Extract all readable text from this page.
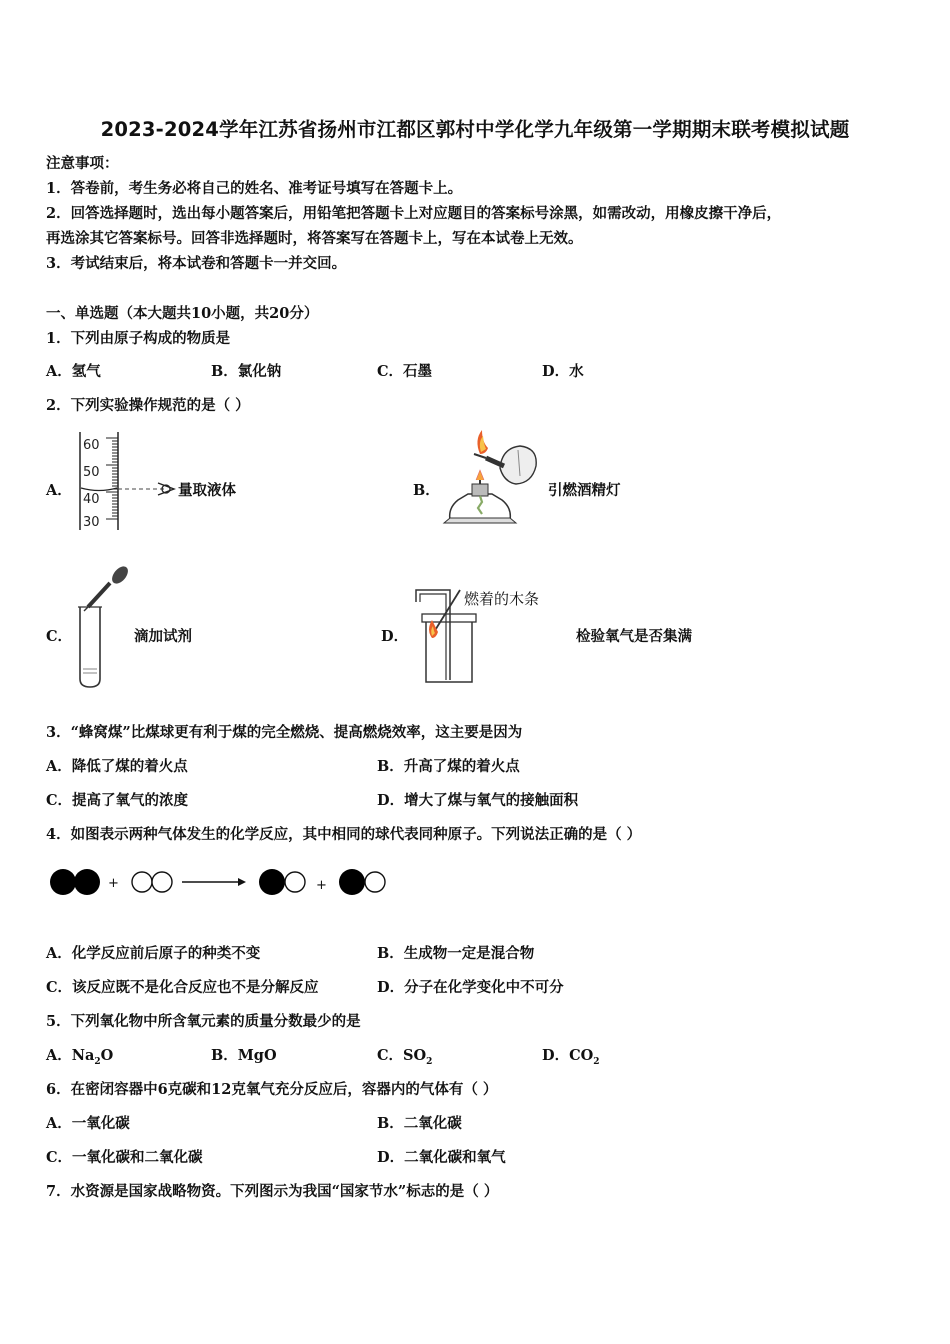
2023-2024学年江苏省扬州市江都区郭村中学化学九年级第一学期期末联考模拟试题
注意事项：
1．答卷前，考生务必将自己的姓名、准考证号填写在答题卡上。
2．回答选择题时，选出每小题答案后，用铅笔把答题卡上对应题目的答案标号涂黑，如需改动，用橡皮擦干净后，
再选涂其它答案标号。回答非选择题时，将答案写在答题卡上，写在本试卷上无效。
3．考试结束后，将本试卷和答题卡一并交回。
一、单选题（本大题共10小题，共20分）
1．下列由原子构成的物质是
A．氢气	B．氯化钠	C．石墨	D．水
2．下列实验操作规范的是（ ）
A．
60
50
40
30
量取液体	B．	引燃酒精灯
C．	滴加试剂	D．
燃着的木条
检验氧气是否集满
3．“蜂窝煤”比煤球更有利于煤的完全燃烧、提高燃烧效率，这主要是因为
A．降低了煤的着火点	B．升高了煤的着火点
C．提高了氧气的浓度	D．增大了煤与氧气的接触面积
4．如图表示两种气体发生的化学反应，其中相同的球代表同种原子。下列说法正确的是（ ）
+	+
A．化学反应前后原子的种类不变	B．生成物一定是混合物
C．该反应既不是化合反应也不是分解反应	D．分子在化学变化中不可分
5．下列氧化物中所含氧元素的质量分数最少的是
A．$Na_2O$	B．MgO	C．$SO_2$	D．$CO_2$
6．在密闭容器中6克碳和12克氧气充分反应后，容器内的气体有（ ）
A．一氧化碳	B．二氧化碳
C．一氧化碳和二氧化碳	D．二氧化碳和氧气
7．水资源是国家战略物资。下列图示为我国“国家节水”标志的是（ ）
